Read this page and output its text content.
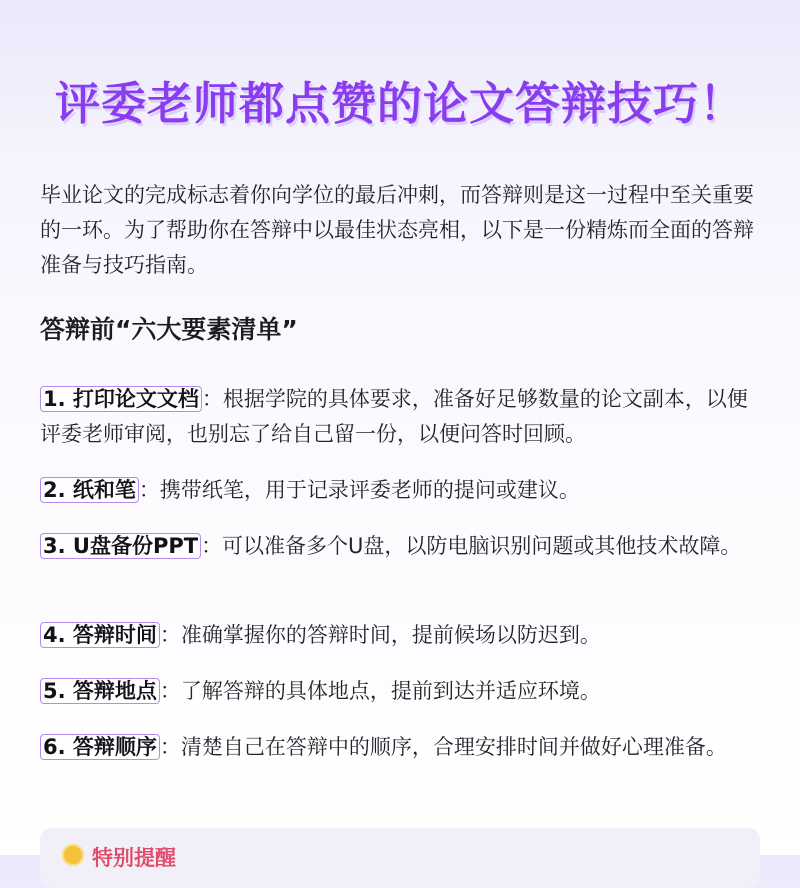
评委老师都点赞的论文答辩技巧！
毕业论文的完成标志着你向学位的最后冲刺，而答辩则是这一过程中至关重要的一环。为了帮助你在答辩中以最佳状态亮相，以下是一份精炼而全面的答辩准备与技巧指南。
答辩前“六大要素清单”
1. 打印论文文档 ：根据学院的具体要求，准备好足够数量的论文副本，以便评委老师审阅，也别忘了给自己留一份，以便问答时回顾。
2. 纸和笔 ：携带纸笔，用于记录评委老师的提问或建议。
3. U盘备份PPT ：可以准备多个U盘，以防电脑识别问题或其他技术故障。
4. 答辩时间 ：准确掌握你的答辩时间，提前候场以防迟到。
5. 答辩地点 ：了解答辩的具体地点，提前到达并适应环境。
6. 答辩顺序 ：清楚自己在答辩中的顺序，合理安排时间并做好心理准备。
特别提醒
